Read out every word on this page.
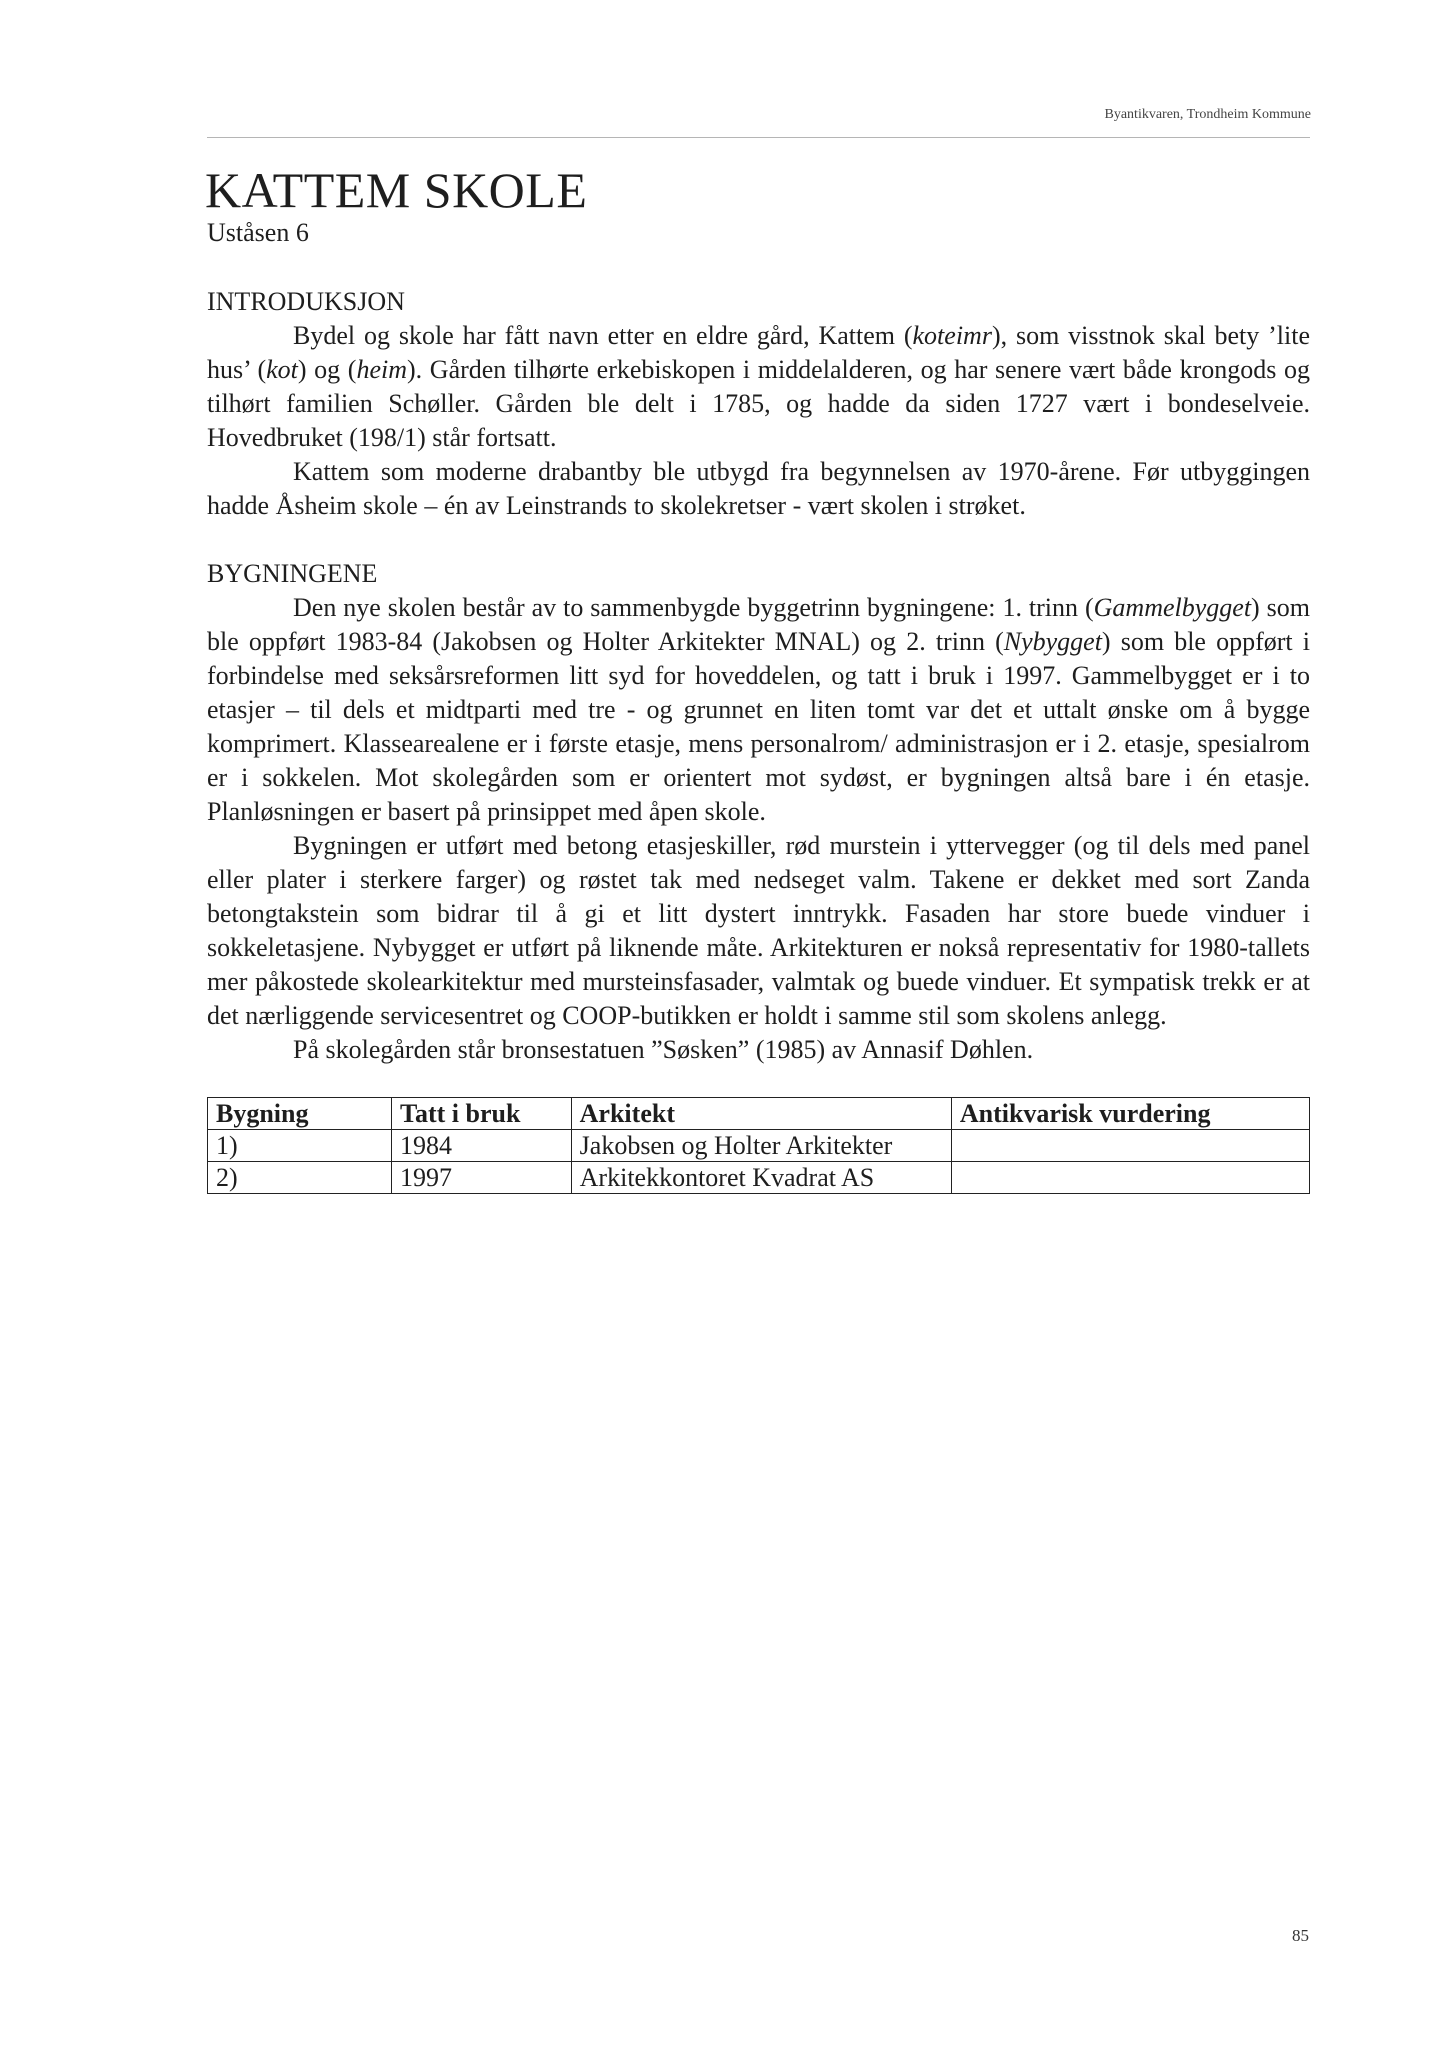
Byantikvaren, Trondheim Kommune
KATTEM SKOLE
Uståsen 6
INTRODUKSJON

Bydel og skole har fått navn etter en eldre gård, Kattem (koteimr), som visstnok skal bety ’lite hus’ (kot) og (heim). Gården tilhørte erkebiskopen i middelalderen, og har senere vært både krongods og tilhørt familien Schøller. Gården ble delt i 1785, og hadde da siden 1727 vært i bondeselveie. Hovedbruket (198/1) står fortsatt.

Kattem som moderne drabantby ble utbygd fra begynnelsen av 1970-årene. Før utbyggingen hadde Åsheim skole – én av Leinstrands to skolekretser - vært skolen i strøket.

BYGNINGENE

Den nye skolen består av to sammenbygde byggetrinn bygningene: 1. trinn (Gammelbygget) som ble oppført 1983-84 (Jakobsen og Holter Arkitekter MNAL) og 2. trinn (Nybygget) som ble oppført i forbindelse med seksårsreformen litt syd for hoveddelen, og tatt i bruk i 1997. Gammelbygget er i to etasjer – til dels et midtparti med tre - og grunnet en liten tomt var det et uttalt ønske om å bygge komprimert. Klassearealene er i første etasje, mens personalrom/ administrasjon er i 2. etasje, spesialrom er i sokkelen. Mot skolegården som er orientert mot sydøst, er bygningen altså bare i én etasje. Planløsningen er basert på prinsippet med åpen skole.

Bygningen er utført med betong etasjeskiller, rød murstein i yttervegger (og til dels med panel eller plater i sterkere farger) og røstet tak med nedseget valm. Takene er dekket med sort Zanda betongtakstein som bidrar til å gi et litt dystert inntrykk. Fasaden har store buede vinduer i sokkeletasjene. Nybygget er utført på liknende måte. Arkitekturen er nokså representativ for 1980-tallets mer påkostede skolearkitektur med mursteinsfasader, valmtak og buede vinduer. Et sympatisk trekk er at det nærliggende servicesentret og COOP-butikken er holdt i samme stil som skolens anlegg.

På skolegården står bronsestatuen ”Søsken” (1985) av Annasif Døhlen.

Bygning	Tatt i bruk	Arkitekt	Antikvarisk vurdering
1)	1984	Jakobsen og Holter Arkitekter	
2)	1997	Arkitekkontoret Kvadrat AS	
85
